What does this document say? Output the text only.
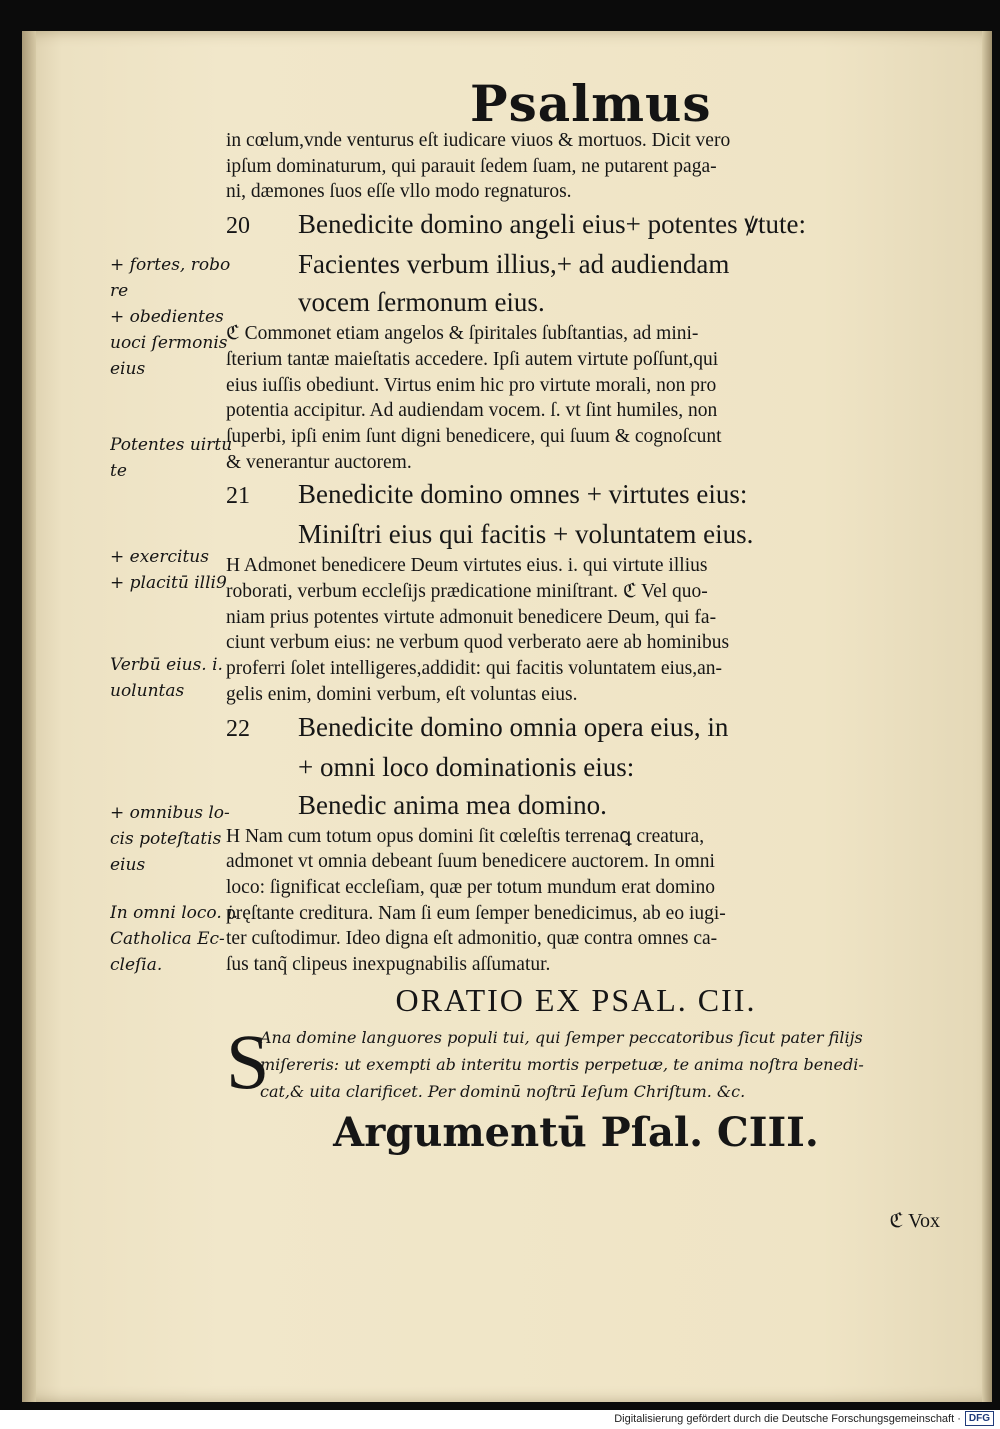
Psalmus
+ fortes, robo
re
+ obedientes
uoci ſermonis
eius
Potentes uirtu
te
+ exercitus
+ placitū illi9
Verbū eius. i.
uoluntas
+ omnibus lo-
cis poteſtatis
eius
In omni loco. i.
Catholica Ec-
cleſia.
in cœlum,vnde venturus eſt iudicare viuos & mortuos. Dicit vero
ipſum dominaturum, qui parauit ſedem ſuam, ne putarent paga-
ni, dæmones ſuos eſſe vllo modo regnaturos.
20 Benedicite domino angeli eius+ potentes ꝟtute:
Facientes verbum illius,+ ad audiendam
vocem ſermonum eius.
ℭ Commonet etiam angelos & ſpiritales ſubſtantias, ad mini-
ſterium tantæ maieſtatis accedere. Ipſi autem virtute poſſunt,qui
eius iuſſis obediunt. Virtus enim hic pro virtute morali, non pro
potentia accipitur. Ad audiendam vocem. ſ. vt ſint humiles, non
ſuperbi, ipſi enim ſunt digni benedicere, qui ſuum & cognoſcunt
& venerantur auctorem.
21 Benedicite domino omnes + virtutes eius:
Miniſtri eius qui facitis + voluntatem eius.
H Admonet benedicere Deum virtutes eius. i. qui virtute illius
roborati, verbum eccleſijs prædicatione miniſtrant. ℭ Vel quo-
niam prius potentes virtute admonuit benedicere Deum, qui fa-
ciunt verbum eius: ne verbum quod verberato aere ab hominibus
proferri ſolet intelligeres,addidit: qui facitis voluntatem eius,an-
gelis enim, domini verbum, eſt voluntas eius.
22 Benedicite domino omnia opera eius, in
+ omni loco dominationis eius:
Benedic anima mea domino.
H Nam cum totum opus domini ſit cœleſtis terrenaꝗ creatura,
admonet vt omnia debeant ſuum benedicere auctorem. In omni
loco: ſignificat eccleſiam, quæ per totum mundum erat domino
pręſtante creditura. Nam ſi eum ſemper benedicimus, ab eo iugi-
ter cuſtodimur. Ideo digna eſt admonitio, quæ contra omnes ca-
ſus tanq̃ clipeus inexpugnabilis aſſumatur.
ORATIO EX PSAL. CII.
S
Ana domine languores populi tui, qui ſemper peccatoribus ſicut pater filijs
miſereris: ut exempti ab interitu mortis perpetuæ, te anima noſtra benedi-
cat,& uita clarificet. Per dominū noſtrū Ieſum Chriſtum. &c.
Argumentū Pſal. CIII.
ℭ Vox
Digitalisierung gefördert durch die Deutsche Forschungsgemeinschaft · DFG
